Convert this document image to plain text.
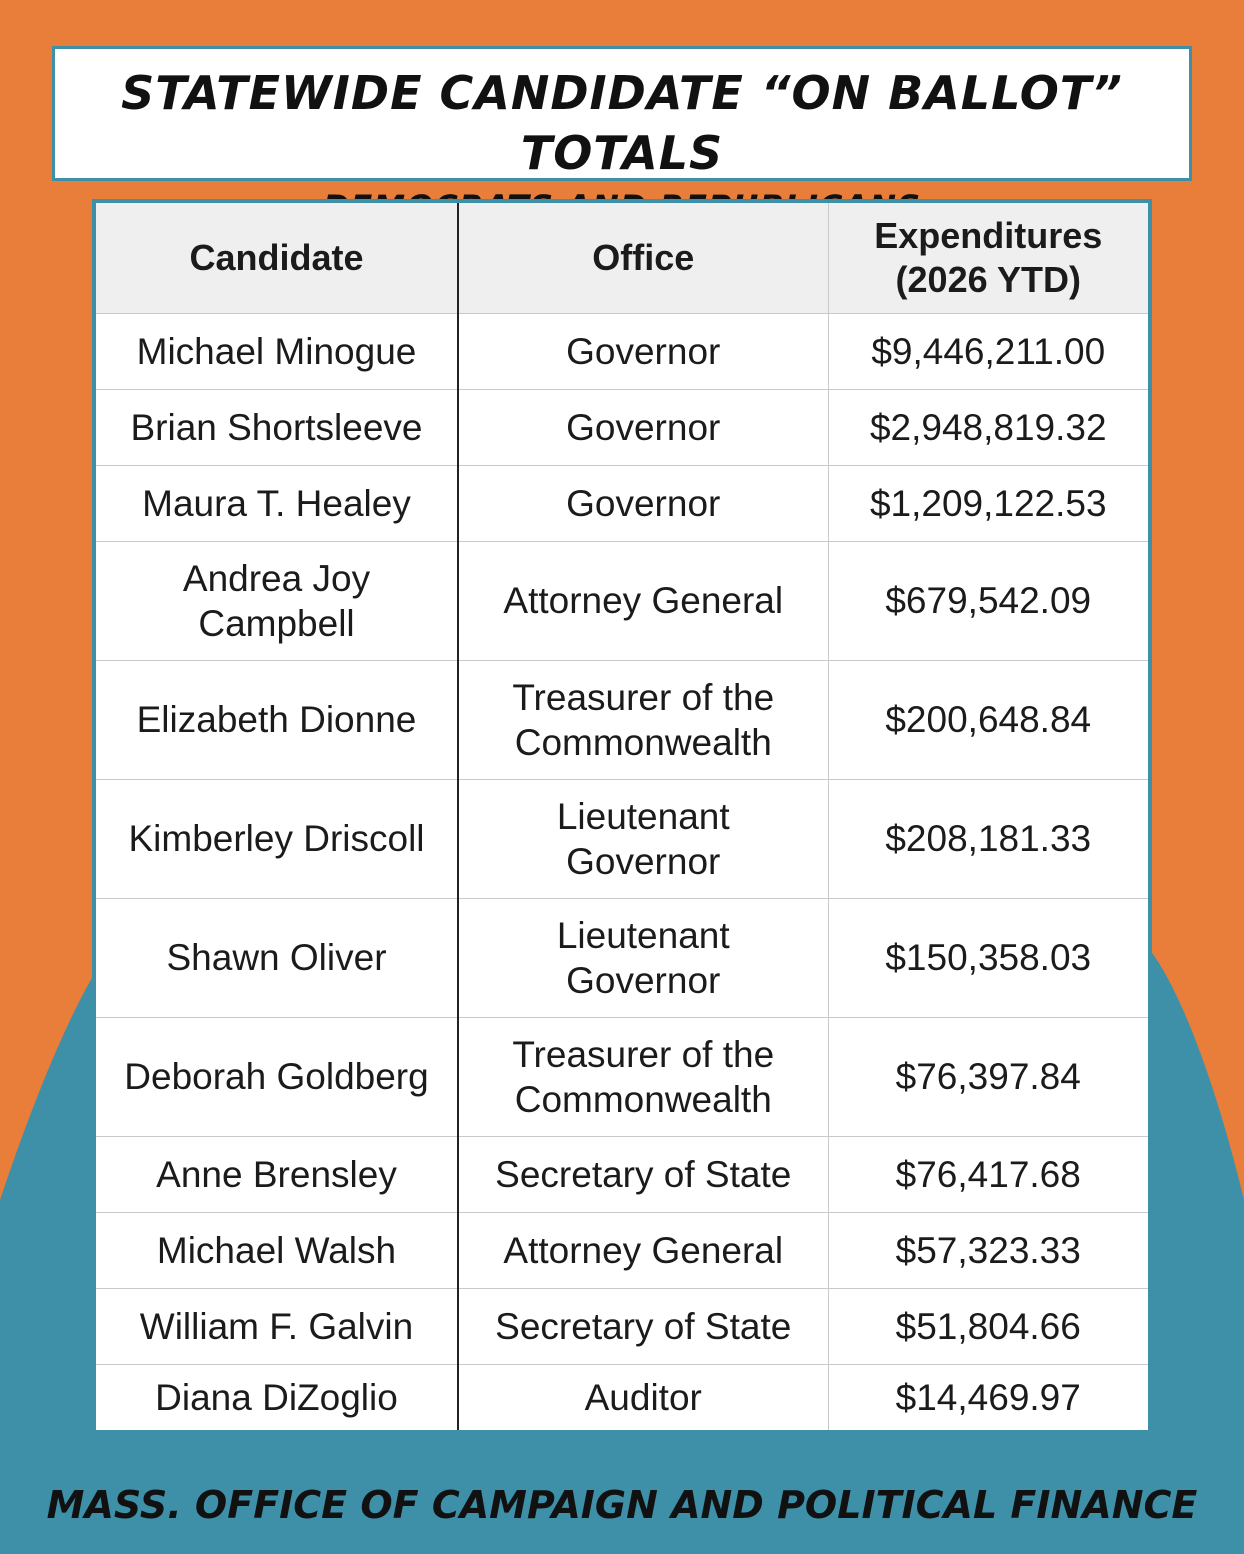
STATEWIDE CANDIDATE “ON BALLOT” TOTALS
Candidate	Office	Expenditures
(2026 YTD)
Michael Minogue	Governor	$9,446,211.00
Brian Shortsleeve	Governor	$2,948,819.32
Maura T. Healey	Governor	$1,209,122.53
Andrea Joy Campbell	Attorney General	$679,542.09
Elizabeth Dionne	Treasurer of the Commonwealth	$200,648.84
Kimberley Driscoll	Lieutenant Governor	$208,181.33
Shawn Oliver	Lieutenant Governor	$150,358.03
Deborah Goldberg	Treasurer of the Commonwealth	$76,397.84
Anne Brensley	Secretary of State	$76,417.68
Michael Walsh	Attorney General	$57,323.33
William F. Galvin	Secretary of State	$51,804.66
Diana DiZoglio	Auditor	$14,469.97
MASS. OFFICE OF CAMPAIGN AND POLITICAL FINANCE
